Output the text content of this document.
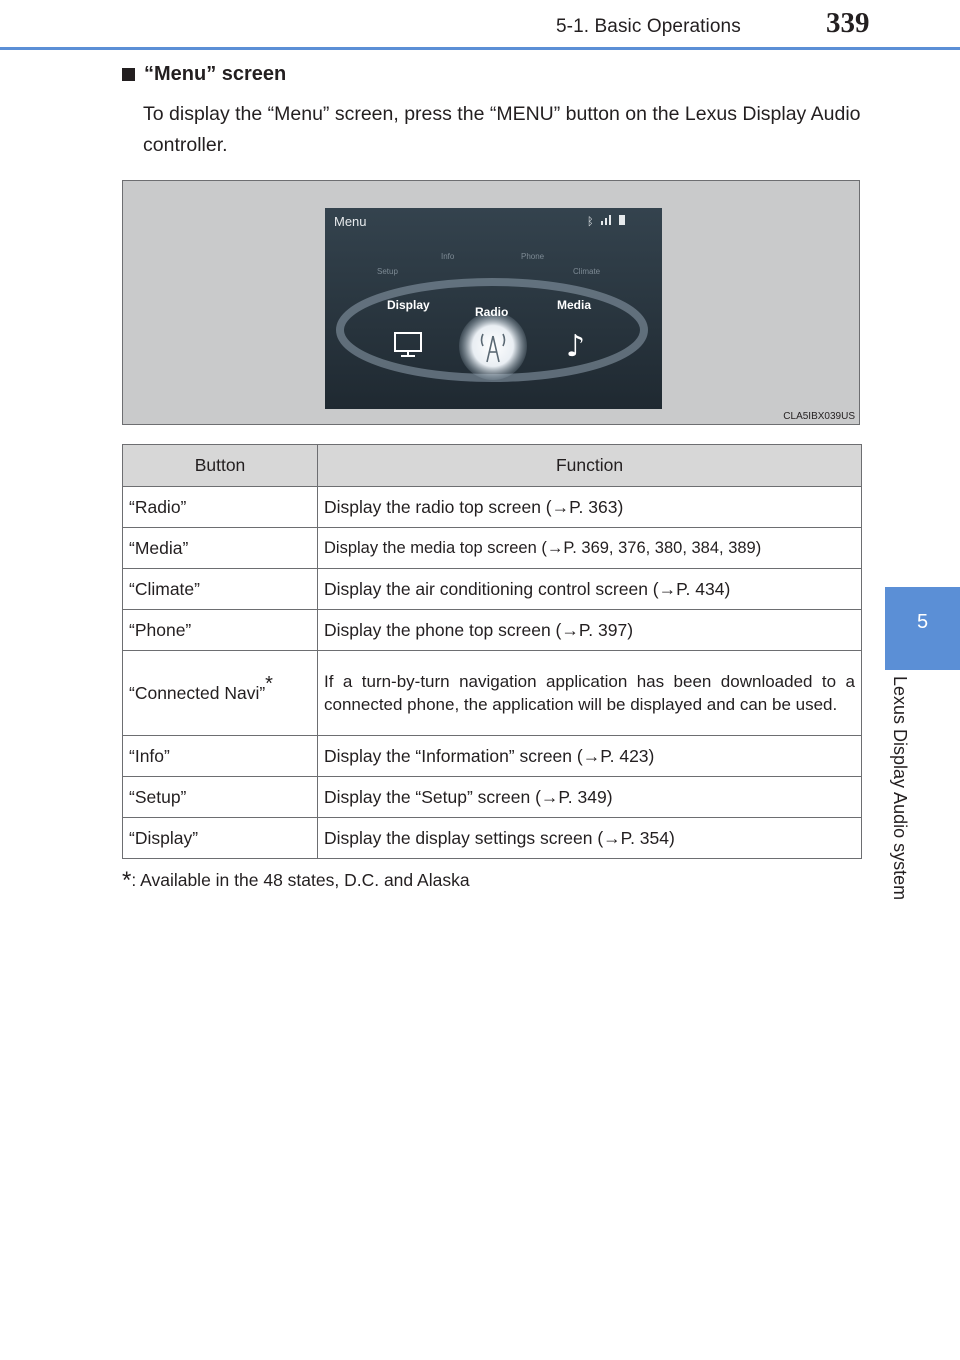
5-1. Basic Operations	339
5
Lexus Display Audio system
“Menu” screen
To display the “Menu” screen, press the “MENU” button on the Lexus Display Audio controller.
Menu	ᛒ
Setup
Info	Phone
Climate
Display	Radio	Media
♪
CLA5IBX039US
Button	Function
“Radio”	Display the radio top screen (→P. 363)
“Media”	Display the media top screen (→P. 369, 376, 380, 384, 389)
“Climate”	Display the air conditioning control screen (→P. 434)
“Phone”	Display the phone top screen (→P. 397)
“Connected Navi”*	If a turn-by-turn navigation application has been downloaded to a connected phone, the application will be displayed and can be used.
“Info”	Display the “Information” screen (→P. 423)
“Setup”	Display the “Setup” screen (→P. 349)
“Display”	Display the display settings screen (→P. 354)
*: Available in the 48 states, D.C. and Alaska
